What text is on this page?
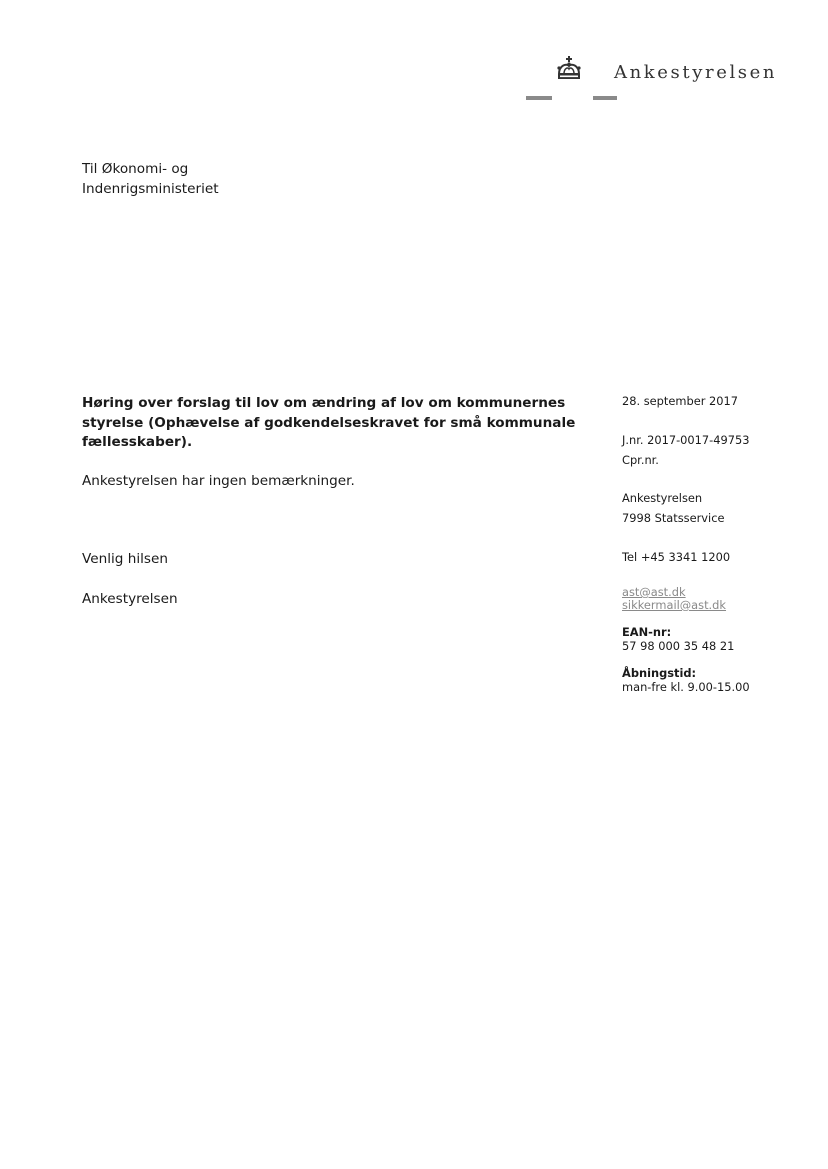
Ankestyrelsen
Til Økonomi- og
Indenrigsministeriet
Høring over forslag til lov om ændring af lov om kommunernes styrelse (Ophævelse af godkendelseskravet for små kommunale fællesskaber).
Ankestyrelsen har ingen bemærkninger.
Venlig hilsen
Ankestyrelsen
28. september 2017
J.nr. 2017-0017-49753
Cpr.nr.
Ankestyrelsen
7998 Statsservice
Tel +45 3341 1200
ast@ast.dk
sikkermail@ast.dk
EAN-nr:
57 98 000 35 48 21
Åbningstid:
man-fre kl. 9.00-15.00
